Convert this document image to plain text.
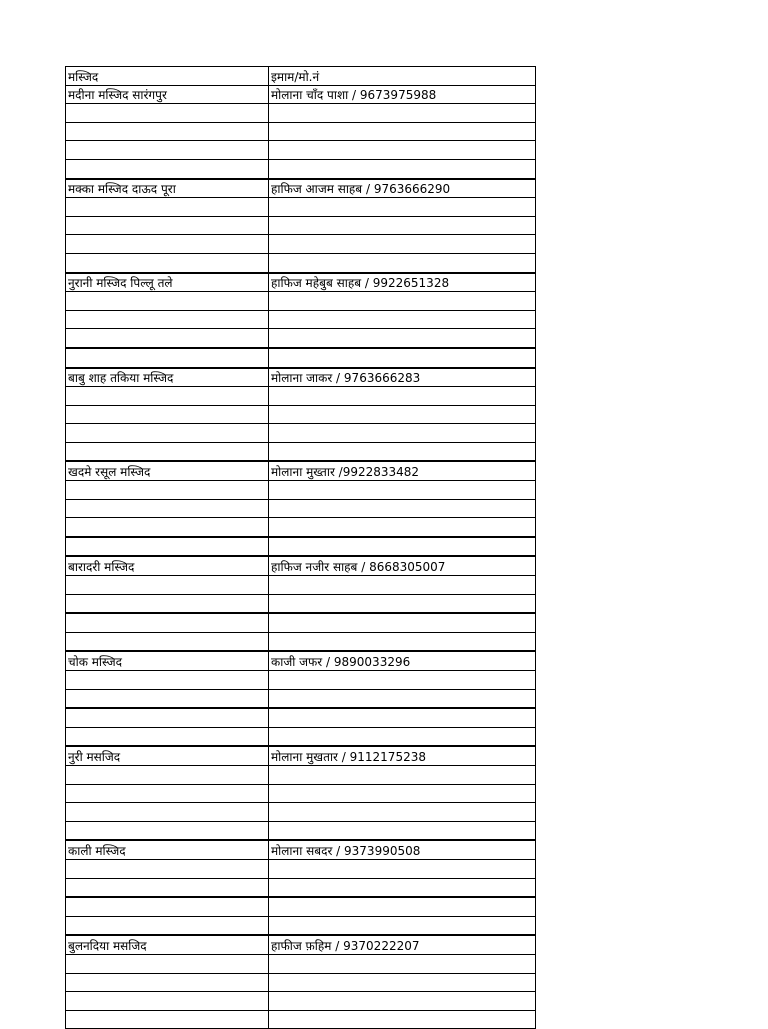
मस्जिद	इमाम/मो.नं
मदीना मस्जिद सारंगपुर	मोलाना चाँद पाशा / 9673975988

मक्का मस्जिद दाऊद पूरा	हाफिज आजम साहब / 9763666290

नुरानी मस्जिद पिल्लू तले	हाफिज महेबुब साहब / 9922651328

बाबु शाह तकिया मस्जिद	मोलाना जाकर / 9763666283

खदमे रसूल मस्जिद	मोलाना मुख्तार /9922833482

बारादरी मस्जिद	हाफिज नजीर साहब / 8668305007

चोक मस्जिद	काजी जफर / 9890033296

नुरी मसजिद	मोलाना मुखतार / 9112175238

काली मस्जिद	मोलाना सबदर / 9373990508

बुलनदिया मसजिद	हाफीज फ़हिम / 9370222207
